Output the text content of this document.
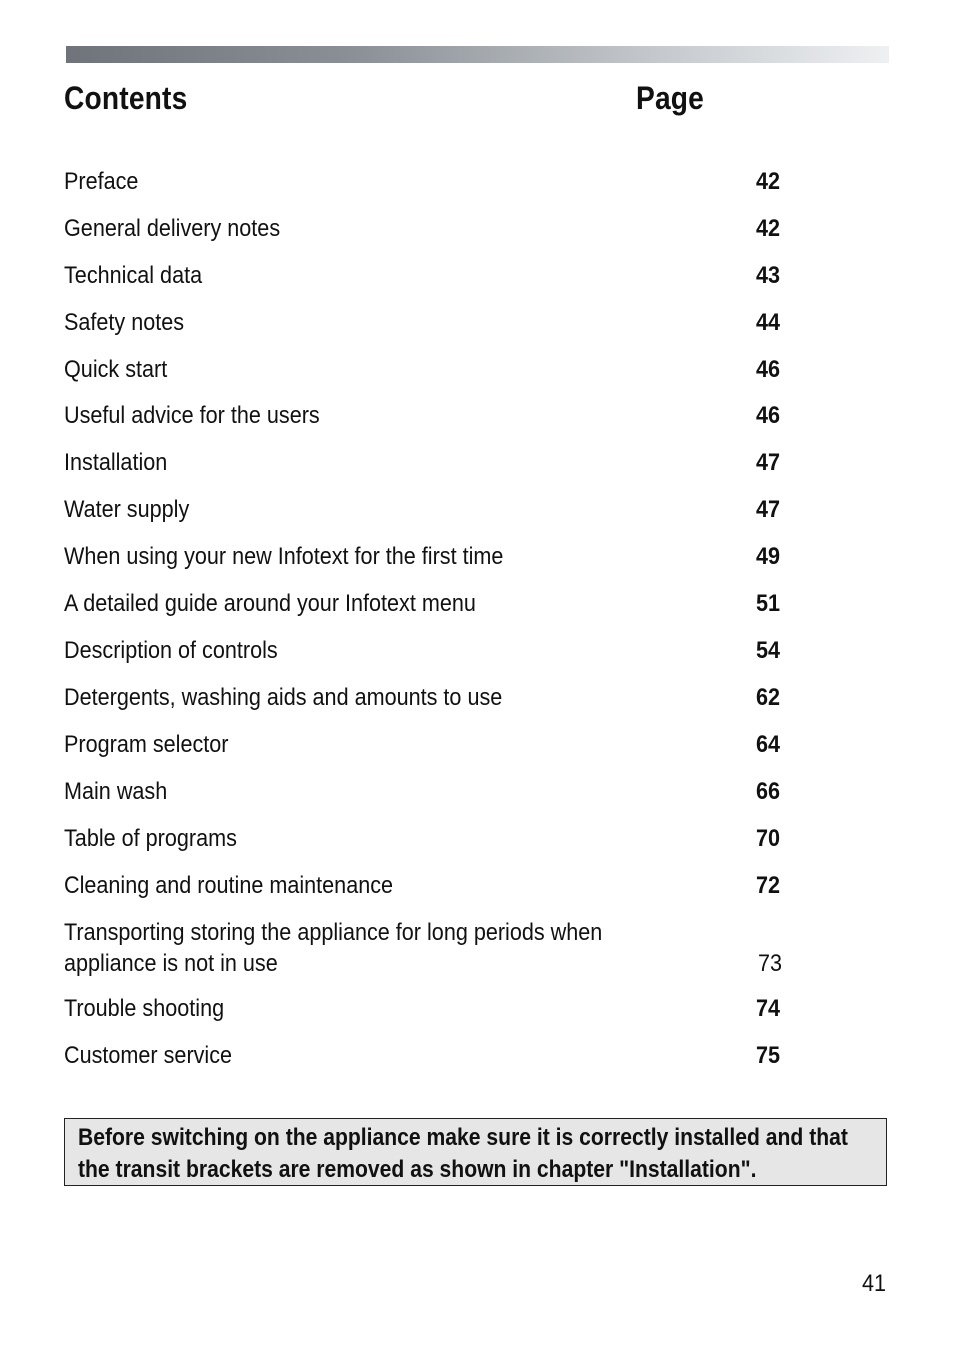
Contents	Page
Preface	42
General delivery notes	42
Technical data	43
Safety notes	44
Quick start	46
Useful advice for the users	46
Installation	47
Water supply	47
When using your new Infotext for the first time	49
A detailed guide around your Infotext menu	51
Description of controls	54
Detergents, washing aids and amounts to use	62
Program selector	64
Main wash	66
Table of programs	70
Cleaning and routine maintenance	72
Transporting storing the appliance for long periods when appliance is not in use	73
Trouble shooting	74
Customer service	75
Before switching on the appliance make sure it is correctly installed and that the transit brackets are removed as shown in chapter "Installation".
41
